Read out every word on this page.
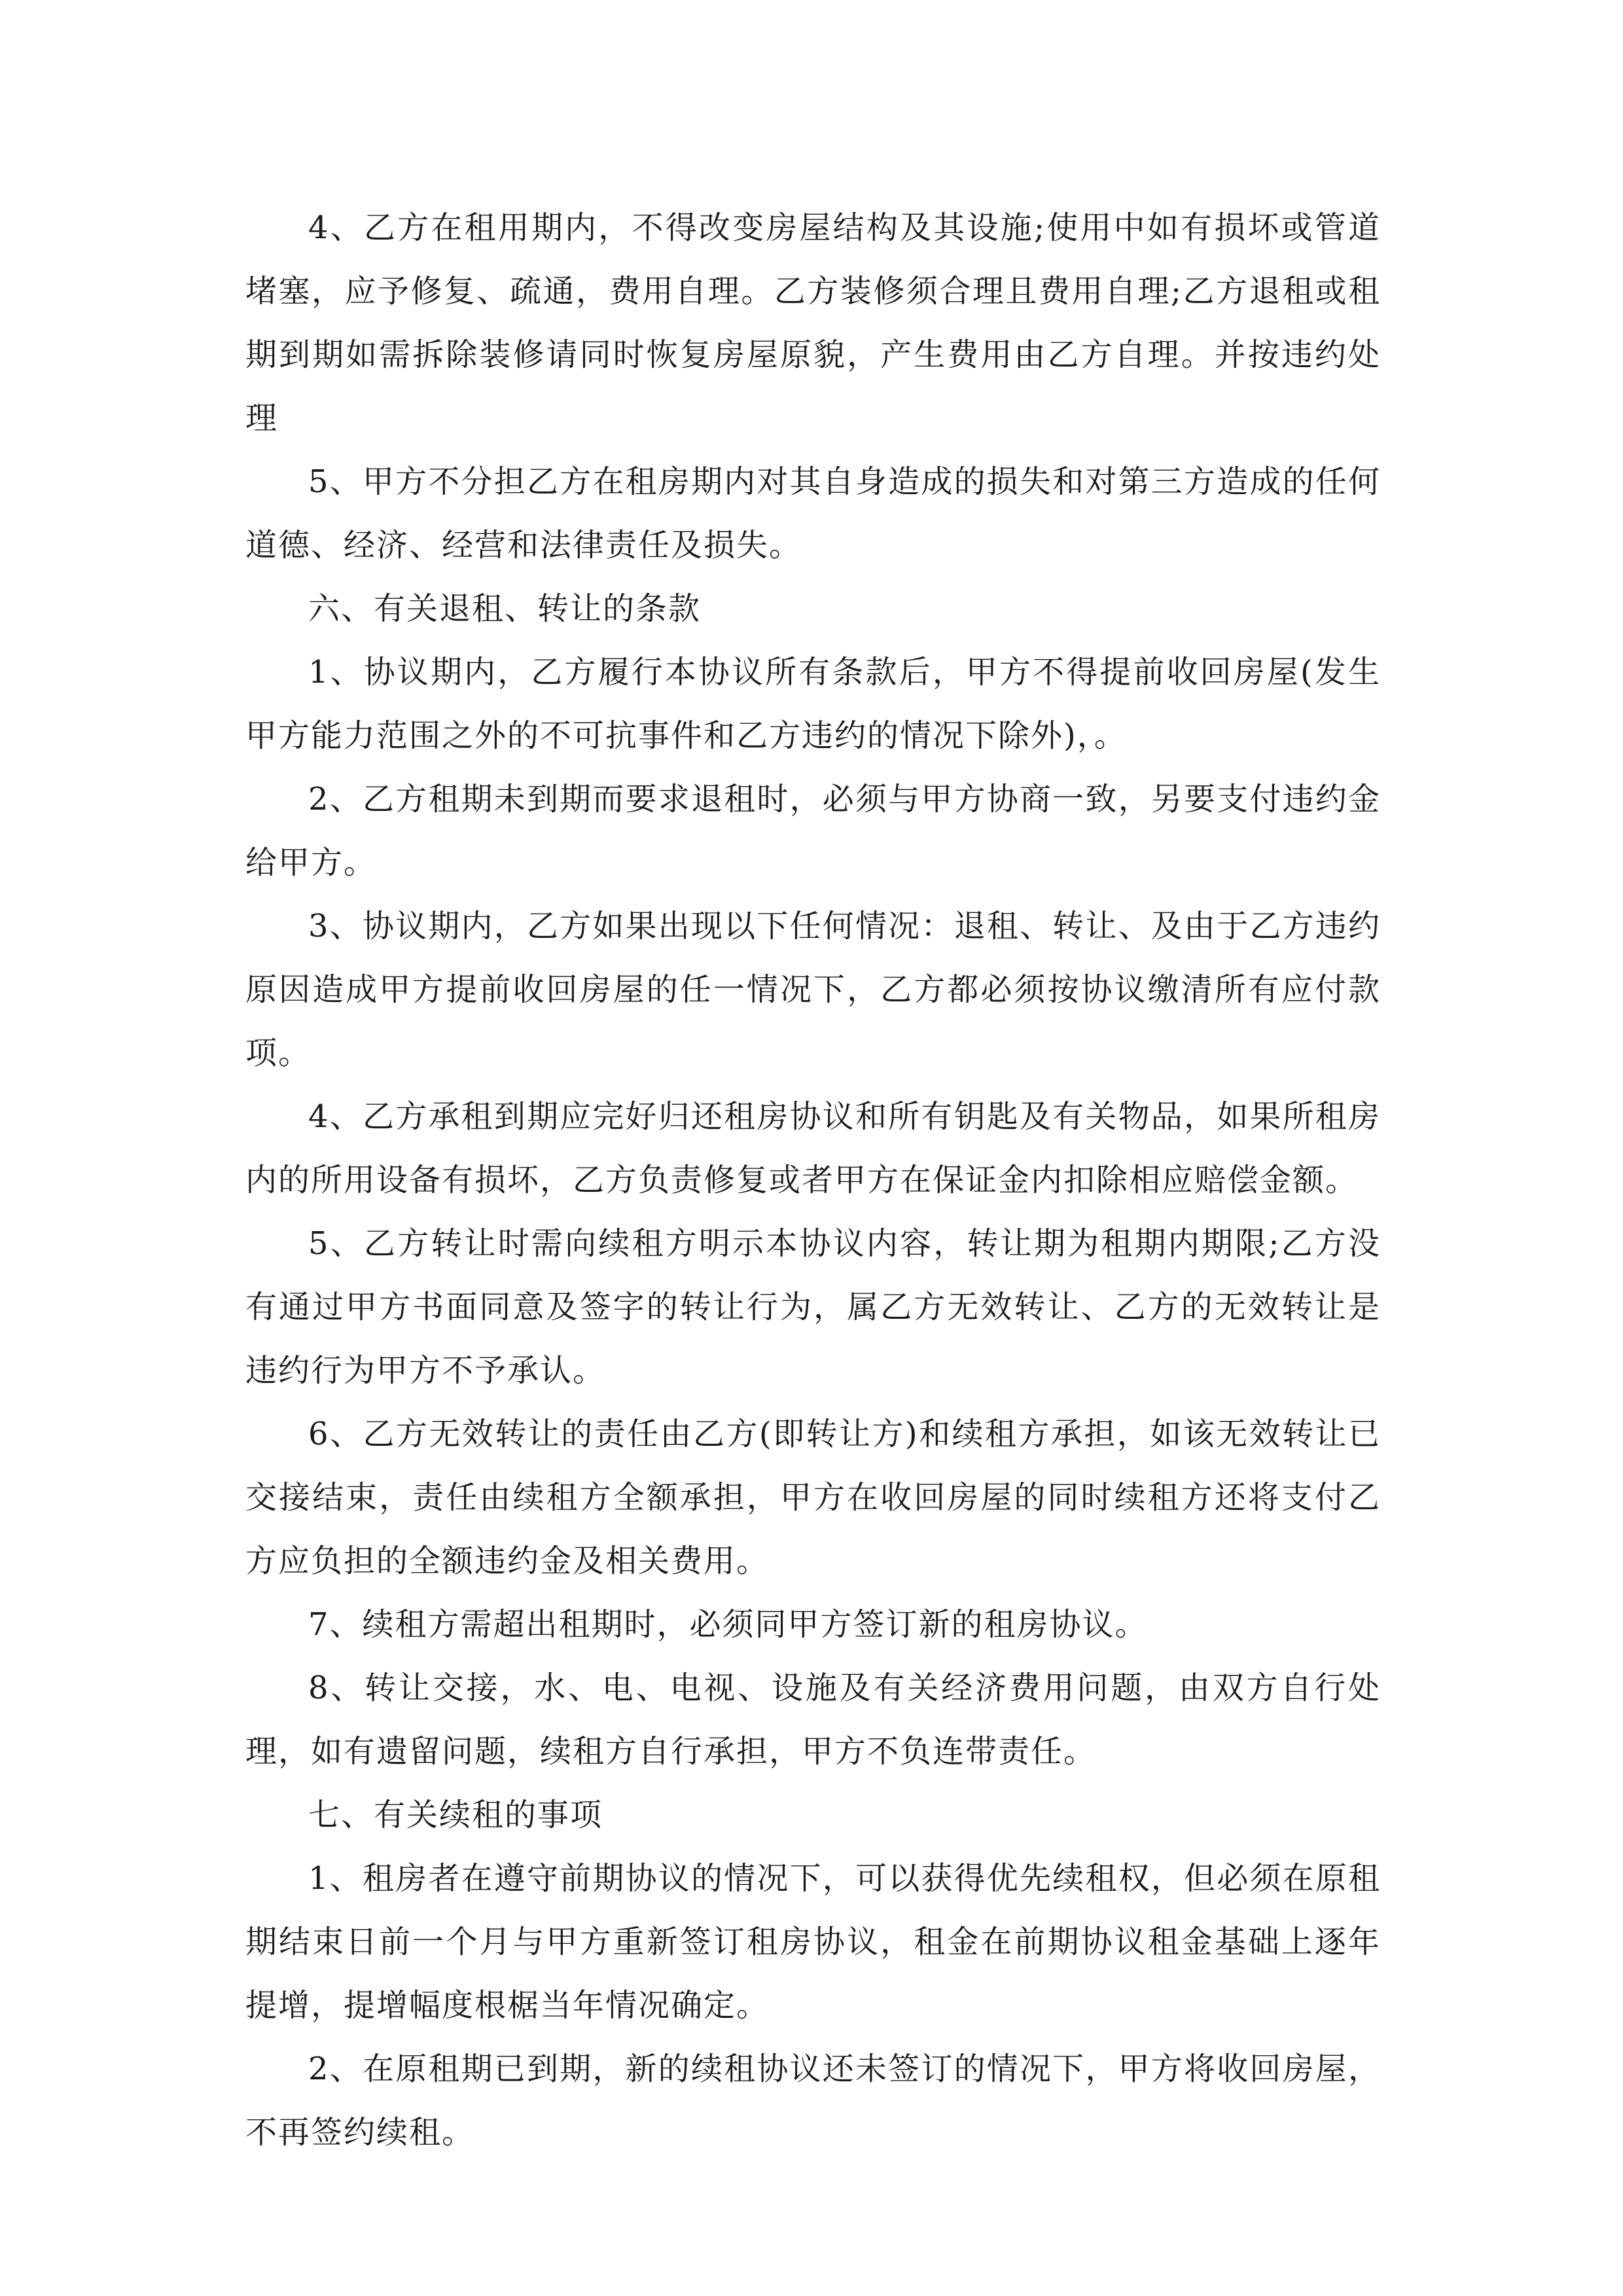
4、乙方在租用期内，不得改变房屋结构及其设施;使用中如有损坏或管道堵塞，应予修复、疏通，费用自理。乙方装修须合理且费用自理;乙方退租或租期到期如需拆除装修请同时恢复房屋原貌，产生费用由乙方自理。并按违约处理

5、甲方不分担乙方在租房期内对其自身造成的损失和对第三方造成的任何道德、经济、经营和法律责任及损失。

六、有关退租、转让的条款

1、协议期内，乙方履行本协议所有条款后，甲方不得提前收回房屋(发生甲方能力范围之外的不可抗事件和乙方违约的情况下除外)，。

2、乙方租期未到期而要求退租时，必须与甲方协商一致，另要支付违约金给甲方。

3、协议期内，乙方如果出现以下任何情况：退租、转让、及由于乙方违约原因造成甲方提前收回房屋的任一情况下，乙方都必须按协议缴清所有应付款项。

4、乙方承租到期应完好归还租房协议和所有钥匙及有关物品，如果所租房内的所用设备有损坏，乙方负责修复或者甲方在保证金内扣除相应赔偿金额。

5、乙方转让时需向续租方明示本协议内容，转让期为租期内期限;乙方没有通过甲方书面同意及签字的转让行为，属乙方无效转让、乙方的无效转让是违约行为甲方不予承认。

6、乙方无效转让的责任由乙方(即转让方)和续租方承担，如该无效转让已交接结束，责任由续租方全额承担，甲方在收回房屋的同时续租方还将支付乙方应负担的全额违约金及相关费用。

7、续租方需超出租期时，必须同甲方签订新的租房协议。

8、转让交接，水、电、电视、设施及有关经济费用问题，由双方自行处理，如有遗留问题，续租方自行承担，甲方不负连带责任。

七、有关续租的事项

1、租房者在遵守前期协议的情况下，可以获得优先续租权，但必须在原租期结束日前一个月与甲方重新签订租房协议，租金在前期协议租金基础上逐年提增，提增幅度根椐当年情况确定。

2、在原租期已到期，新的续租协议还未签订的情况下，甲方将收回房屋，不再签约续租。
